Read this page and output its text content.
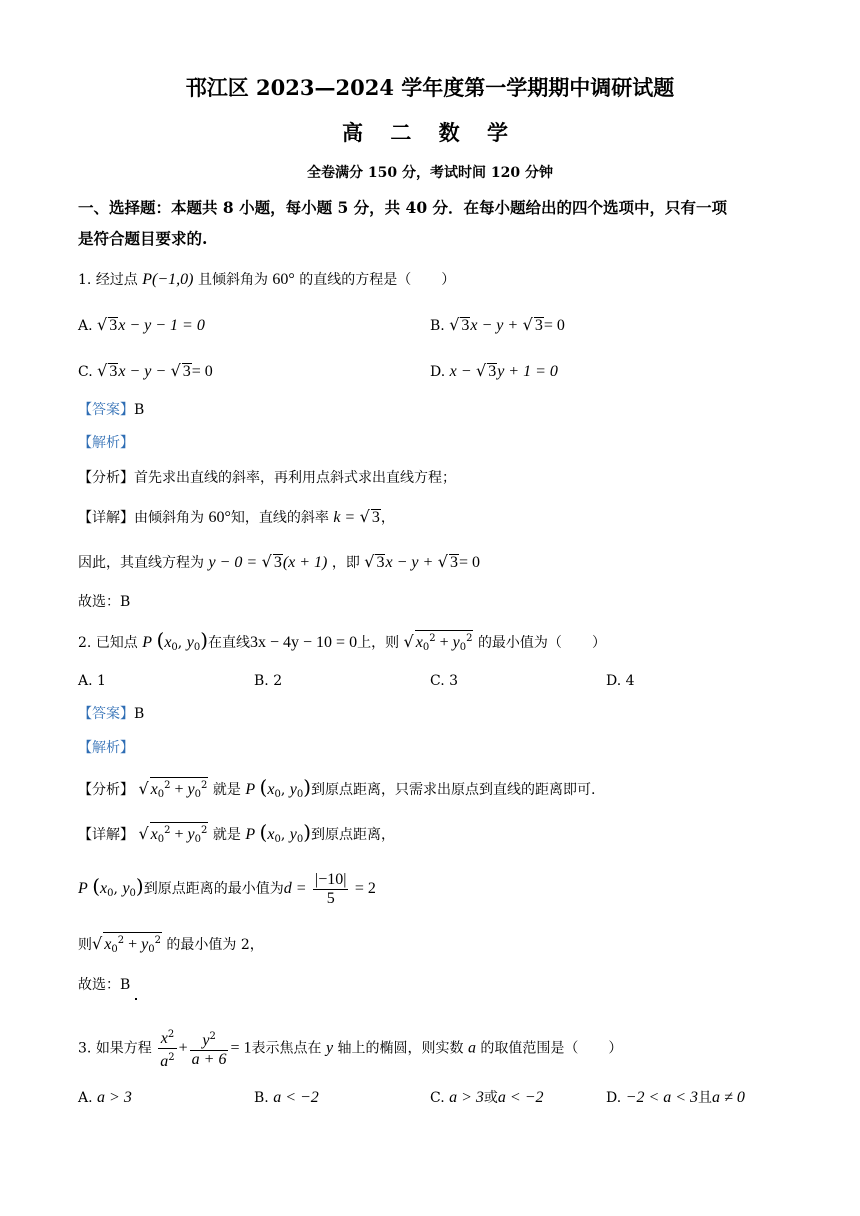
邗江区 2023—2024 学年度第一学期期中调研试题
高 二 数 学
全卷满分 150 分，考试时间 120 分钟
一、选择题：本题共 8 小题，每小题 5 分，共 40 分．在每小题给出的四个选项中，只有一项
是符合题目要求的.
1. 经过点 P(−1,0) 且倾斜角为 60° 的直线的方程是（ ）
A. √ 3x − y − 1 = 0	B. √ 3x − y + √ 3= 0
C. √ 3x − y − √ 3= 0	D. x − √ 3y + 1 = 0
【答案】B
【解析】
【分析】首先求出直线的斜率，再利用点斜式求出直线方程；
【详解】由倾斜角为 60°知，直线的斜率 k = √ 3，
因此，其直线方程为 y − 0 = √ 3(x + 1) ，即 √ 3x − y + √ 3= 0
故选：B
2. 已知点 P ($x_0$, $y_0$)在直线3x − 4y − 10 = 0上，则 √ $x_0^2 + y_0^2$ 的最小值为（ ）
A. 1	B. 2	C. 3	D. 4
【答案】B
【解析】
【分析】 √ $x_0^2 + y_0^2$ 就是 P ($x_0$, $y_0$)到原点距离，只需求出原点到直线的距离即可.
【详解】 √ $x_0^2 + y_0^2$ 就是 P ($x_0$, $y_0$)到原点距离，
P ($x_0$, $y_0$)到原点距离的最小值为$d = \frac{|-10|}{5} = 2$
则√ $x_0^2 + y_0^2$ 的最小值为 2，
故选：B
3. 如果方程 $\frac{x^2}{a^2} + \frac{y^2}{a + 6} = 1$表示焦点在 y 轴上的椭圆，则实数 a 的取值范围是（ ）
A. a > 3	B. a < −2	C. a > 3或a < −2	D. −2 < a < 3且a ≠ 0
